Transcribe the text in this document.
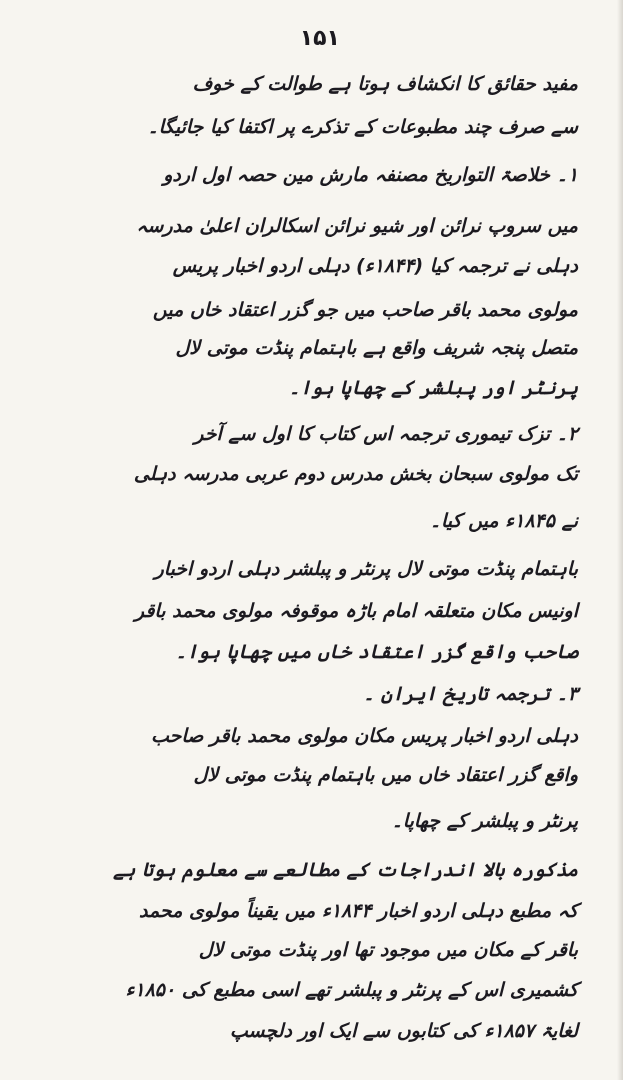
۱۵۱
مفید حقائق کا انکشاف ہوتا ہے طوالت کے خوف
سے صرف چند مطبوعات کے تذکرے پر اکتفا کیا جائیگا۔
۱۔ خلاصۃ التواریخ مصنفہ مارش مین حصہ اول اردو
میں سروپ نرائن اور شیو نرائن اسکالران اعلیٰ مدرسہ
دہلی نے ترجمہ کیا (۱۸۴۴ء) دہلی اردو اخبار پریس
مولوی محمد باقر صاحب میں جو گزر اعتقاد خاں میں
متصل پنجہ شریف واقع ہے باہتمام پنڈت موتی لال
پرنٹر اور پبلشر کے چھاپا ہوا۔
۲۔ تزک تیموری ترجمہ اس کتاب کا اول سے آخر
تک مولوی سبحان بخش مدرس دوم عربی مدرسہ دہلی
نے ۱۸۴۵ء میں کیا۔
باہتمام پنڈت موتی لال پرنٹر و پبلشر دہلی اردو اخبار
اونیس مکان متعلقہ امام باڑہ موقوفہ مولوی محمد باقر
صاحب واقع گزر اعتقاد خاں میں چھاپا ہوا۔
۳۔ ترجمہ تاریخ ایران ۔
دہلی اردو اخبار پریس مکان مولوی محمد باقر صاحب
واقع گزر اعتقاد خاں میں باہتمام پنڈت موتی لال
پرنٹر و پبلشر کے چھاپا۔
مذکورہ بالا اندراجات کے مطالعے سے معلوم ہوتا ہے
کہ مطبع دہلی اردو اخبار ۱۸۴۴ء میں یقیناً مولوی محمد
باقر کے مکان میں موجود تھا اور پنڈت موتی لال
کشمیری اس کے پرنٹر و پبلشر تھے اسی مطبع کی ۱۸۵۰ء
لغایۃ ۱۸۵۷ء کی کتابوں سے ایک اور دلچسپ
